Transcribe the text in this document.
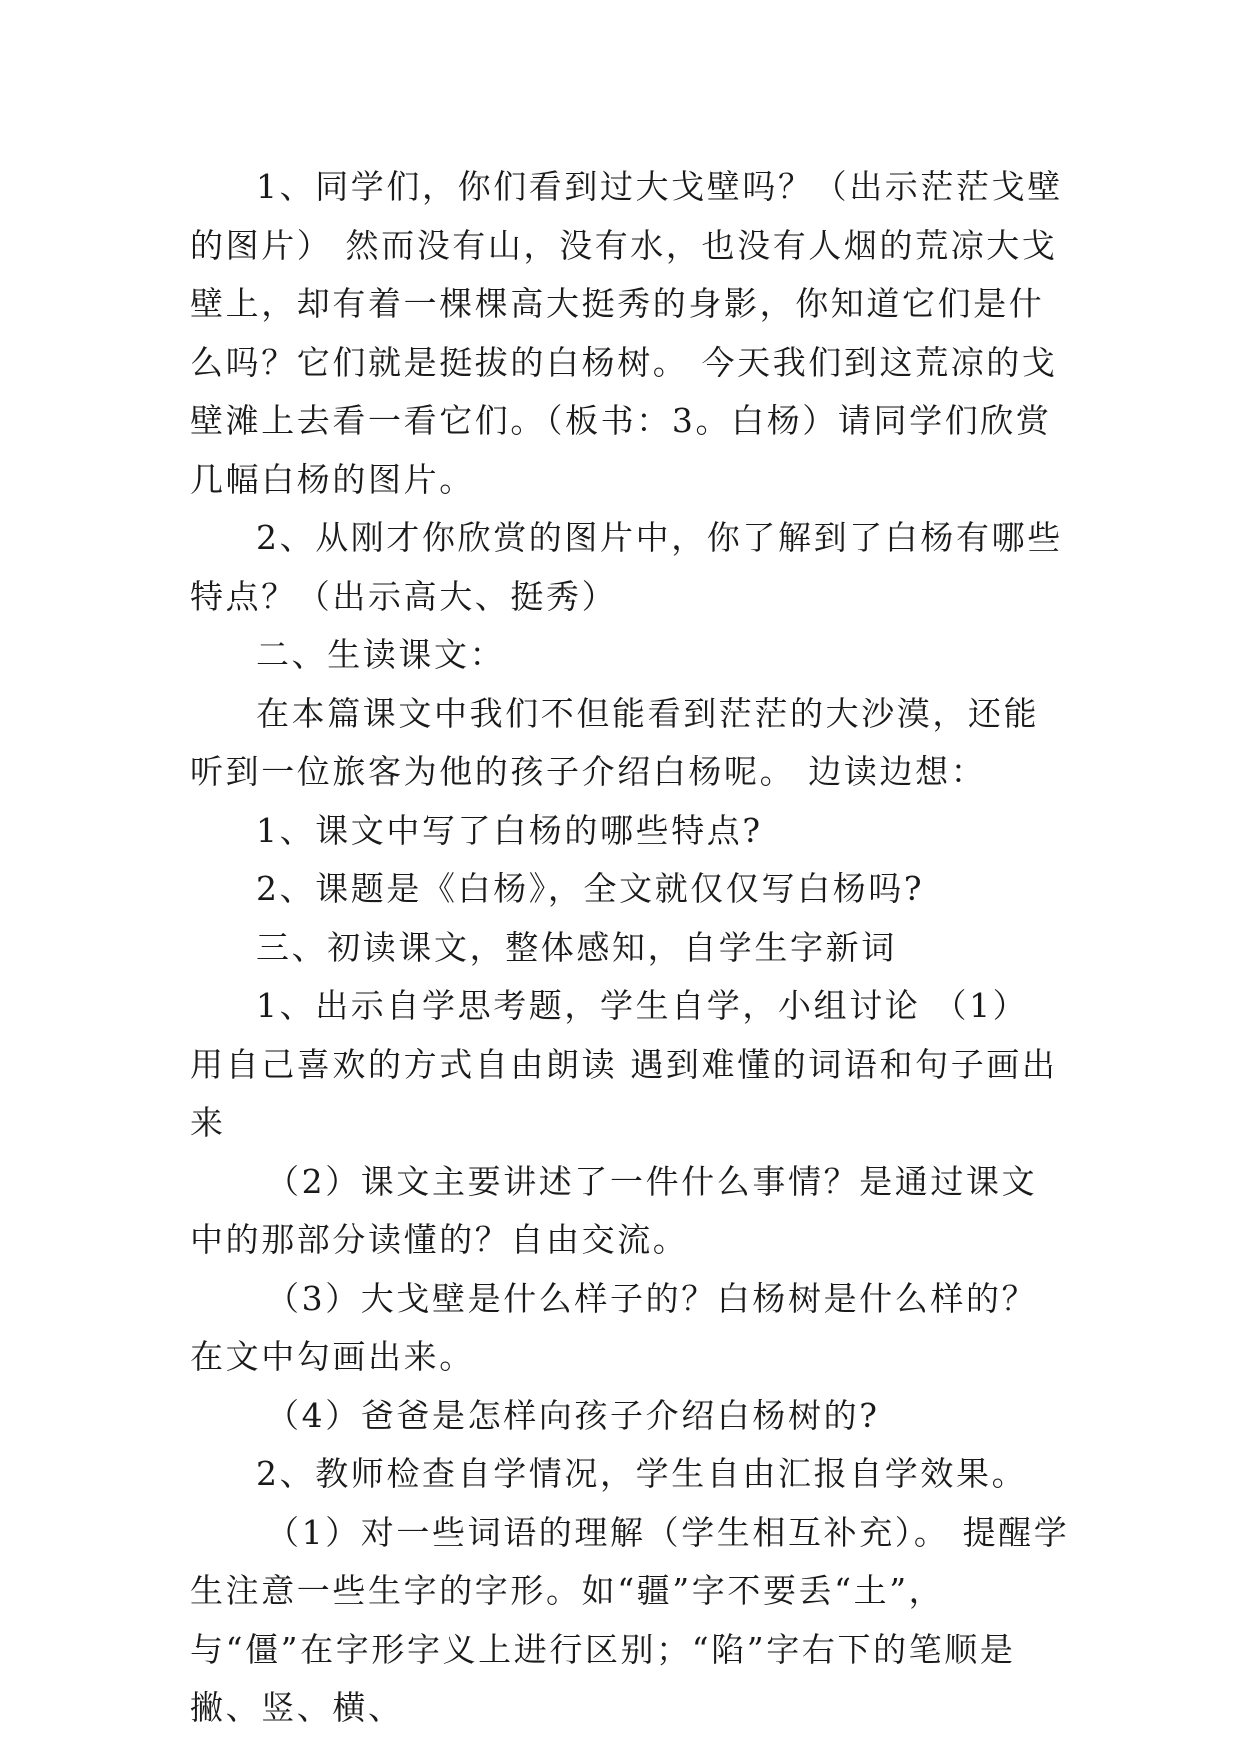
1、同学们，你们看到过大戈壁吗？（出示茫茫戈壁的图片） 然而没有山，没有水，也没有人烟的荒凉大戈壁上，却有着一棵棵高大挺秀的身影，你知道它们是什么吗？它们就是挺拔的白杨树。 今天我们到这荒凉的戈壁滩上去看一看它们。（板书：3。白杨）请同学们欣赏几幅白杨的图片。

2、从刚才你欣赏的图片中，你了解到了白杨有哪些特点？（出示高大、挺秀）

二、生读课文：

在本篇课文中我们不但能看到茫茫的大沙漠，还能听到一位旅客为他的孩子介绍白杨呢。 边读边想：

1、课文中写了白杨的哪些特点?

2、课题是《白杨》，全文就仅仅写白杨吗?

三、初读课文，整体感知，自学生字新词

1、出示自学思考题，学生自学，小组讨论 （1） 用自己喜欢的方式自由朗读 遇到难懂的词语和句子画出来

（2）课文主要讲述了一件什么事情？是通过课文中的那部分读懂的？自由交流。

（3）大戈壁是什么样子的？白杨树是什么样的？在文中勾画出来。

（4）爸爸是怎样向孩子介绍白杨树的?

2、教师检查自学情况，学生自由汇报自学效果。

（1）对一些词语的理解（学生相互补充）。 提醒学生注意一些生字的字形。如“疆”字不要丢“土”，与“僵”在字形字义上进行区别；“陷”字右下的笔顺是撇、竖、横、
